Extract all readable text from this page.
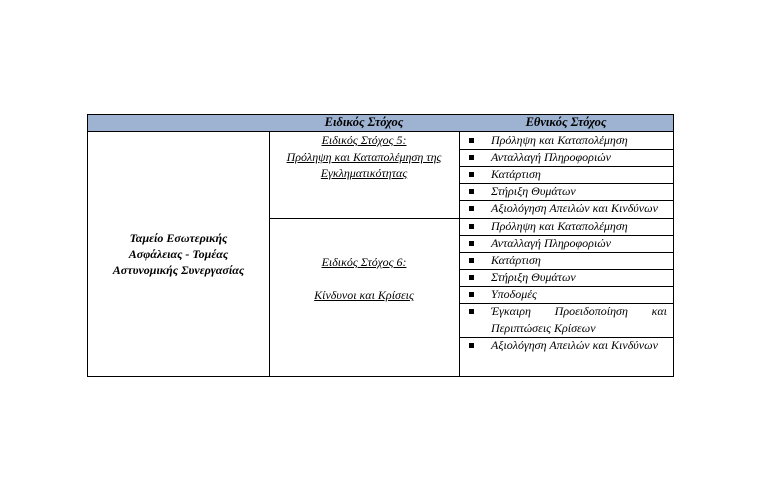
Ειδικός Στόχος	Εθνικός Στόχος
Ταμείο Εσωτερικής
Ασφάλειας - Τομέας
Αστυνομικής Συνεργασίας
Ειδικός Στόχος 5:
Πρόληψη και Καταπολέμηση της
Εγκληματικότητας
Ειδικός Στόχος 6:
Κίνδυνοι και Κρίσεις
Πρόληψη και Καταπολέμηση
Ανταλλαγή Πληροφοριών
Κατάρτιση
Στήριξη Θυμάτων
Αξιολόγηση Απειλών και Κινδύνων
Πρόληψη και Καταπολέμηση
Ανταλλαγή Πληροφοριών
Κατάρτιση
Στήριξη Θυμάτων
Υποδομές
Έγκαιρη Προειδοποίηση και
Περιπτώσεις Κρίσεων
Αξιολόγηση Απειλών και Κινδύνων
